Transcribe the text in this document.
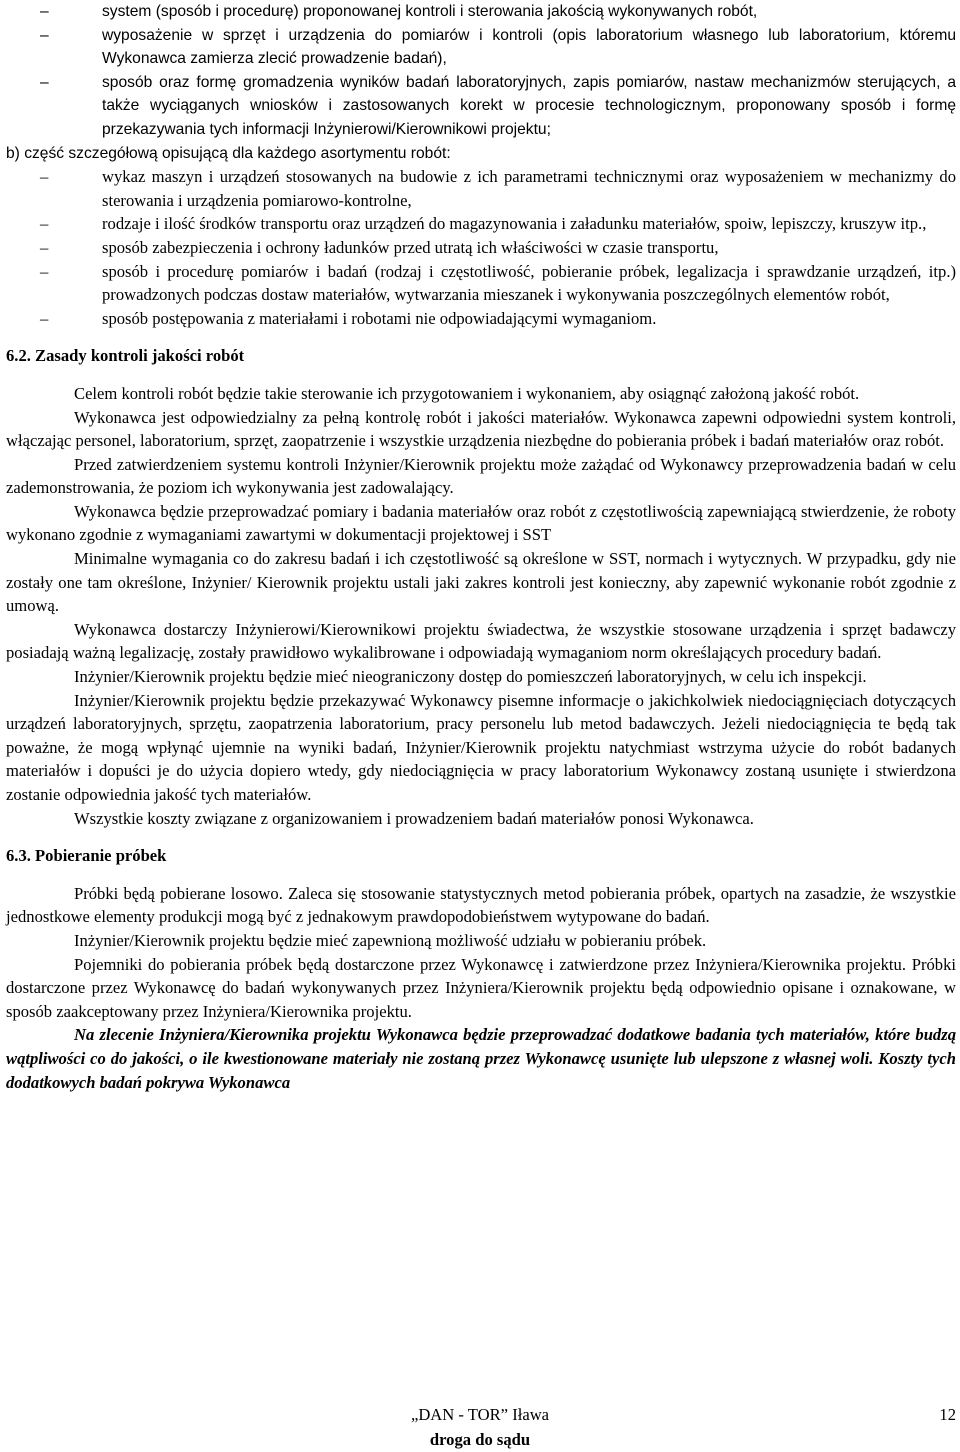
–	system (sposób i procedurę) proponowanej kontroli i sterowania jakością wykonywanych robót,
–	wyposażenie w sprzęt i urządzenia do pomiarów i kontroli (opis laboratorium własnego lub laboratorium, któremu Wykonawca zamierza zlecić prowadzenie badań),
–	sposób oraz formę gromadzenia wyników badań laboratoryjnych, zapis pomiarów, nastaw mechanizmów sterujących, a także wyciąganych wniosków i zastosowanych korekt w procesie technologicznym, proponowany sposób i formę przekazywania tych informacji Inżynierowi/Kierownikowi projektu;

b) część szczegółową opisującą dla każdego asortymentu robót:

–	wykaz maszyn i urządzeń stosowanych na budowie z ich parametrami technicznymi oraz wyposażeniem w mechanizmy do sterowania i urządzenia pomiarowo-kontrolne,
–	rodzaje i ilość środków transportu oraz urządzeń do magazynowania i załadunku materiałów, spoiw, lepiszczy, kruszyw itp.,
–	sposób zabezpieczenia i ochrony ładunków przed utratą ich właściwości w czasie transportu,
–	sposób i procedurę pomiarów i badań (rodzaj i częstotliwość, pobieranie próbek, legalizacja i sprawdzanie urządzeń, itp.) prowadzonych podczas dostaw materiałów, wytwarzania mieszanek i wykonywania poszczególnych elementów robót,
–	sposób postępowania z materiałami i robotami nie odpowiadającymi wymaganiom.
6.2. Zasady kontroli jakości robót

Celem kontroli robót będzie takie sterowanie ich przygotowaniem i wykonaniem, aby osiągnąć założoną jakość robót.

Wykonawca jest odpowiedzialny za pełną kontrolę robót i jakości materiałów. Wykonawca zapewni odpowiedni system kontroli, włączając personel, laboratorium, sprzęt, zaopatrzenie i wszystkie urządzenia niezbędne do pobierania próbek i badań materiałów oraz robót.

Przed zatwierdzeniem systemu kontroli Inżynier/Kierownik projektu może zażądać od Wykonawcy przeprowadzenia badań w celu zademonstrowania, że poziom ich wykonywania jest zadowalający.

Wykonawca będzie przeprowadzać pomiary i badania materiałów oraz robót z częstotliwością zapewniającą stwierdzenie, że roboty wykonano zgodnie z wymaganiami zawartymi w dokumentacji projektowej i SST

Minimalne wymagania co do zakresu badań i ich częstotliwość są określone w SST, normach i wytycznych. W przypadku, gdy nie zostały one tam określone, Inżynier/ Kierownik projektu ustali jaki zakres kontroli jest konieczny, aby zapewnić wykonanie robót zgodnie z umową.

Wykonawca dostarczy Inżynierowi/Kierownikowi projektu świadectwa, że wszystkie stosowane urządzenia i sprzęt badawczy posiadają ważną legalizację, zostały prawidłowo wykalibrowane i odpowiadają wymaganiom norm określających procedury badań.

Inżynier/Kierownik projektu będzie mieć nieograniczony dostęp do pomieszczeń laboratoryjnych, w celu ich inspekcji.

Inżynier/Kierownik projektu będzie przekazywać Wykonawcy pisemne informacje o jakichkolwiek niedociągnięciach dotyczących urządzeń laboratoryjnych, sprzętu, zaopatrzenia laboratorium, pracy personelu lub metod badawczych. Jeżeli niedociągnięcia te będą tak poważne, że mogą wpłynąć ujemnie na wyniki badań, Inżynier/Kierownik projektu natychmiast wstrzyma użycie do robót badanych materiałów i dopuści je do użycia dopiero wtedy, gdy niedociągnięcia w pracy laboratorium Wykonawcy zostaną usunięte i stwierdzona zostanie odpowiednia jakość tych materiałów.

Wszystkie koszty związane z organizowaniem i prowadzeniem badań materiałów ponosi Wykonawca.

6.3. Pobieranie próbek

Próbki będą pobierane losowo. Zaleca się stosowanie statystycznych metod pobierania próbek, opartych na zasadzie, że wszystkie jednostkowe elementy produkcji mogą być z jednakowym prawdopodobieństwem wytypowane do badań.

Inżynier/Kierownik projektu będzie mieć zapewnioną możliwość udziału w pobieraniu próbek.

Pojemniki do pobierania próbek będą dostarczone przez Wykonawcę i zatwierdzone przez Inżyniera/Kierownika projektu. Próbki dostarczone przez Wykonawcę do badań wykonywanych przez Inżyniera/Kierownik projektu będą odpowiednio opisane i oznakowane, w sposób zaakceptowany przez Inżyniera/Kierownika projektu.

Na zlecenie Inżyniera/Kierownika projektu Wykonawca będzie przeprowadzać dodatkowe badania tych materiałów, które budzą wątpliwości co do jakości, o ile kwestionowane materiały nie zostaną przez Wykonawcę usunięte lub ulepszone z własnej woli. Koszty tych dodatkowych badań pokrywa Wykonawca

„DAN - TOR” Iława
droga do sądu
12
